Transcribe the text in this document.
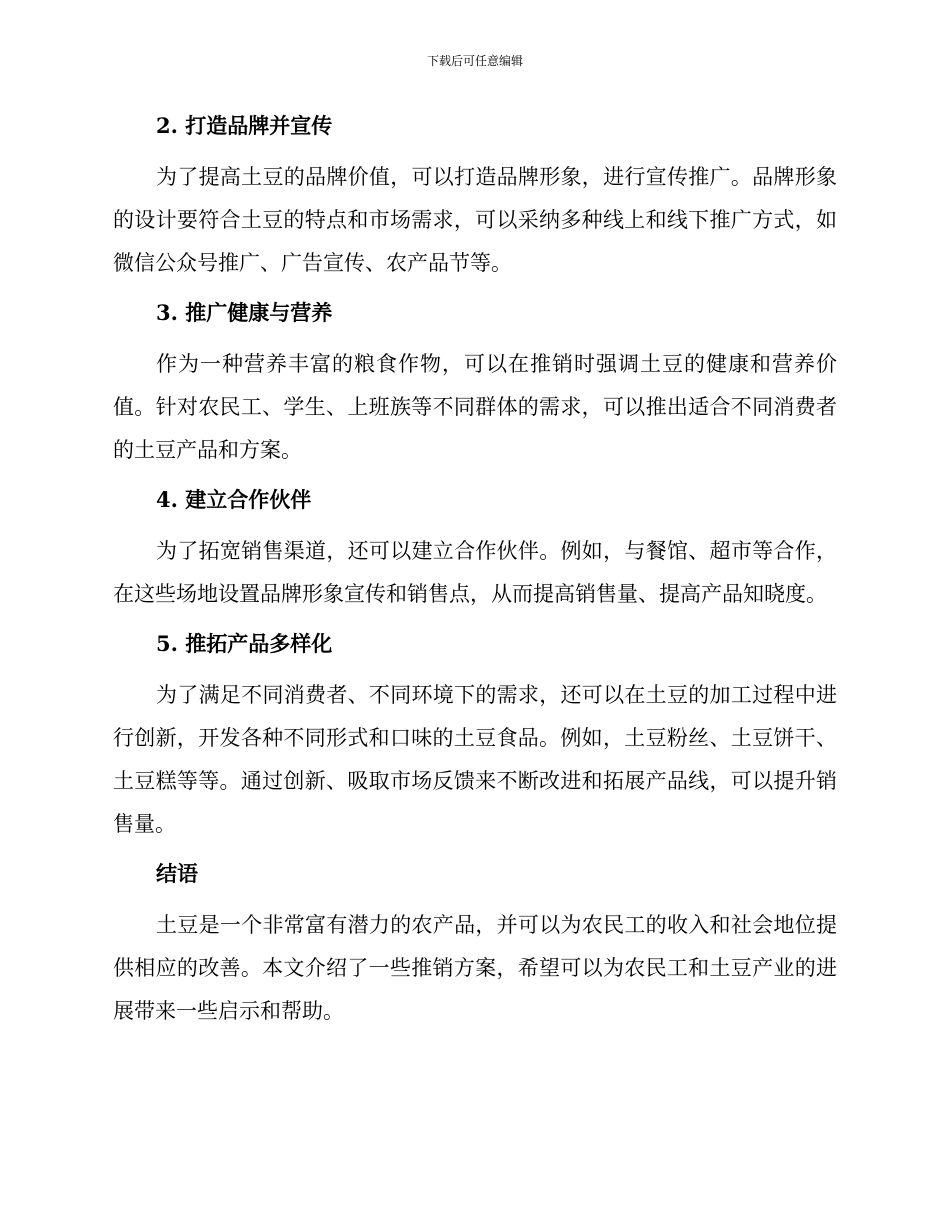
下载后可任意编辑
2. 打造品牌并宣传

为了提高土豆的品牌价值，可以打造品牌形象，进行宣传推广。品牌形象的设计要符合土豆的特点和市场需求，可以采纳多种线上和线下推广方式，如微信公众号推广、广告宣传、农产品节等。

3. 推广健康与营养

作为一种营养丰富的粮食作物，可以在推销时强调土豆的健康和营养价值。针对农民工、学生、上班族等不同群体的需求，可以推出适合不同消费者的土豆产品和方案。

4. 建立合作伙伴

为了拓宽销售渠道，还可以建立合作伙伴。例如，与餐馆、超市等合作，在这些场地设置品牌形象宣传和销售点，从而提高销售量、提高产品知晓度。

5. 推拓产品多样化

为了满足不同消费者、不同环境下的需求，还可以在土豆的加工过程中进行创新，开发各种不同形式和口味的土豆食品。例如，土豆粉丝、土豆饼干、土豆糕等等。通过创新、吸取市场反馈来不断改进和拓展产品线，可以提升销售量。

结语

土豆是一个非常富有潜力的农产品，并可以为农民工的收入和社会地位提供相应的改善。本文介绍了一些推销方案，希望可以为农民工和土豆产业的进展带来一些启示和帮助。
